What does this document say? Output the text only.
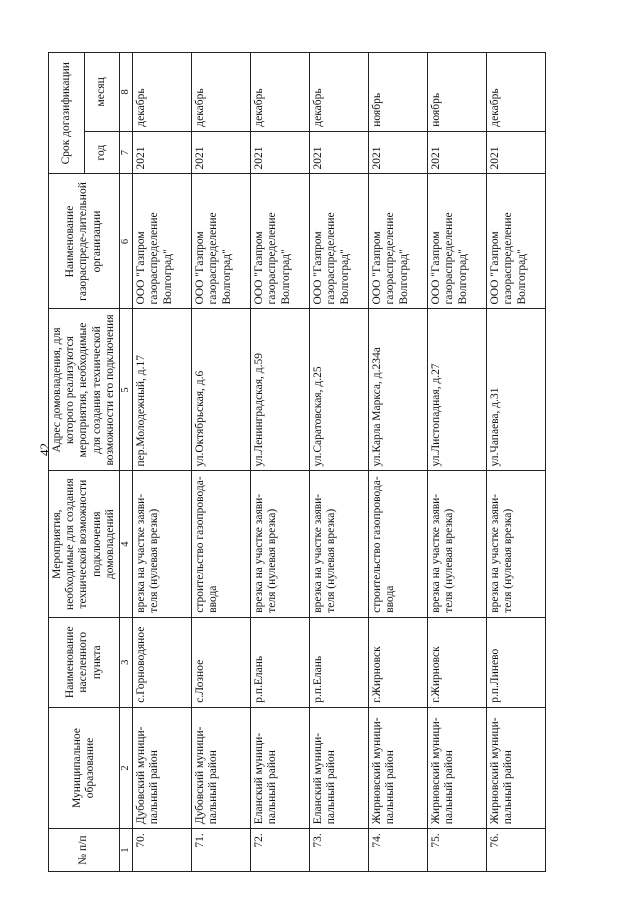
42
№ п/п	Муниципальное образование	Наименование населенного пункта	Мероприятия, необходимые для создания технической возможности подключения домовладений	Адрес домовладения, для которого реализуются мероприятия, необходимые для создания технической возможности его подключения	Наименование газораспреде-лительной организации	Срок догазификации	
						год	месяц
1	2	3	4	5	6	7	8
70.	Дубовский муници-пальный район	с.Горноводяное	врезка на участке заяви-теля (нулевая врезка)	пер.Молодежный, д.17	ООО "Газпром газораспределение Волгоград"	2021	декабрь
71.	Дубовский муници-пальный район	с.Лозное	строительство газопровода-ввода	ул.Октябрьская, д.6	ООО "Газпром газораспределение Волгоград"	2021	декабрь
72.	Еланский муници-пальный район	р.п.Елань	врезка на участке заяви-теля (нулевая врезка)	ул.Ленинградская, д.59	ООО "Газпром газораспределение Волгоград"	2021	декабрь
73.	Еланский муници-пальный район	р.п.Елань	врезка на участке заяви-теля (нулевая врезка)	ул.Саратовская, д.25	ООО "Газпром газораспределение Волгоград"	2021	декабрь
74.	Жирновский муници-пальный район	г.Жирновск	строительство газопровода-ввода	ул.Карла Маркса, д.234а	ООО "Газпром газораспределение Волгоград"	2021	ноябрь
75.	Жирновский муници-пальный район	г.Жирновск	врезка на участке заяви-теля (нулевая врезка)	ул.Листопадная, д.27	ООО "Газпром газораспределение Волгоград"	2021	ноябрь
76.	Жирновский муници-пальный район	р.п.Линево	врезка на участке заяви-теля (нулевая врезка)	ул.Чапаева, д.31	ООО "Газпром газораспределение Волгоград"	2021	декабрь
